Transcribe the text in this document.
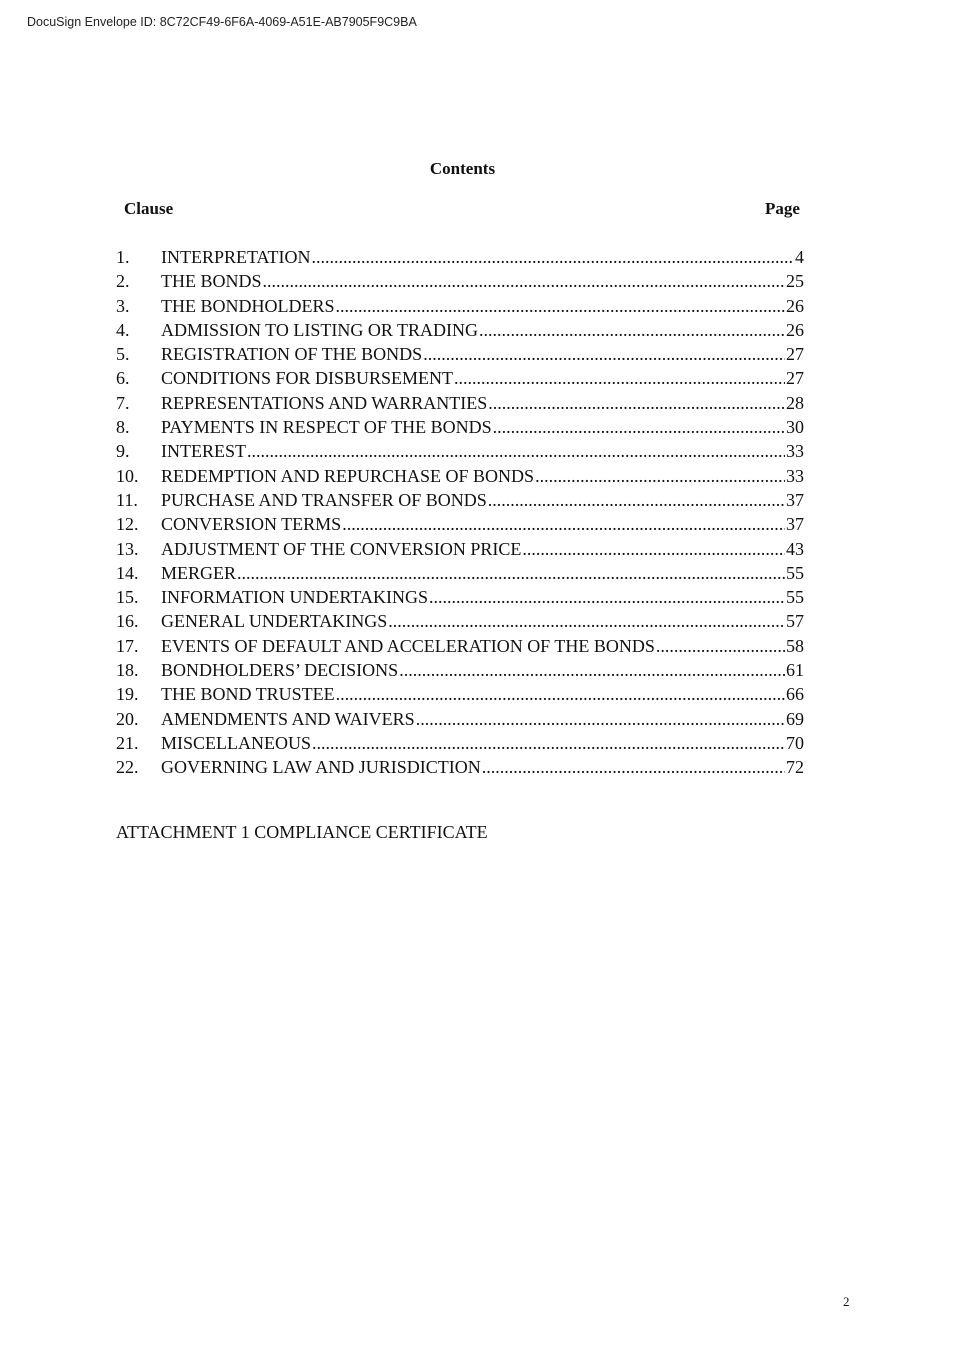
DocuSign Envelope ID: 8C72CF49-6F6A-4069-A51E-AB7905F9C9BA
Contents
Clause	Page
1.	INTERPRETATION .....	4
2.	THE BONDS .....	25
3.	THE BONDHOLDERS .....	26
4.	ADMISSION TO LISTING OR TRADING .....	26
5.	REGISTRATION OF THE BONDS .....	27
6.	CONDITIONS FOR DISBURSEMENT .....	27
7.	REPRESENTATIONS AND WARRANTIES .....	28
8.	PAYMENTS IN RESPECT OF THE BONDS .....	30
9.	INTEREST .....	33
10.	REDEMPTION AND REPURCHASE OF BONDS .....	33
11.	PURCHASE AND TRANSFER OF BONDS .....	37
12.	CONVERSION TERMS .....	37
13.	ADJUSTMENT OF THE CONVERSION PRICE .....	43
14.	MERGER .....	55
15.	INFORMATION UNDERTAKINGS .....	55
16.	GENERAL UNDERTAKINGS .....	57
17.	EVENTS OF DEFAULT AND ACCELERATION OF THE BONDS .....	58
18.	BONDHOLDERS’ DECISIONS .....	61
19.	THE BOND TRUSTEE .....	66
20.	AMENDMENTS AND WAIVERS .....	69
21.	MISCELLANEOUS .....	70
22.	GOVERNING LAW AND JURISDICTION .....	72
ATTACHMENT 1 COMPLIANCE CERTIFICATE
2
